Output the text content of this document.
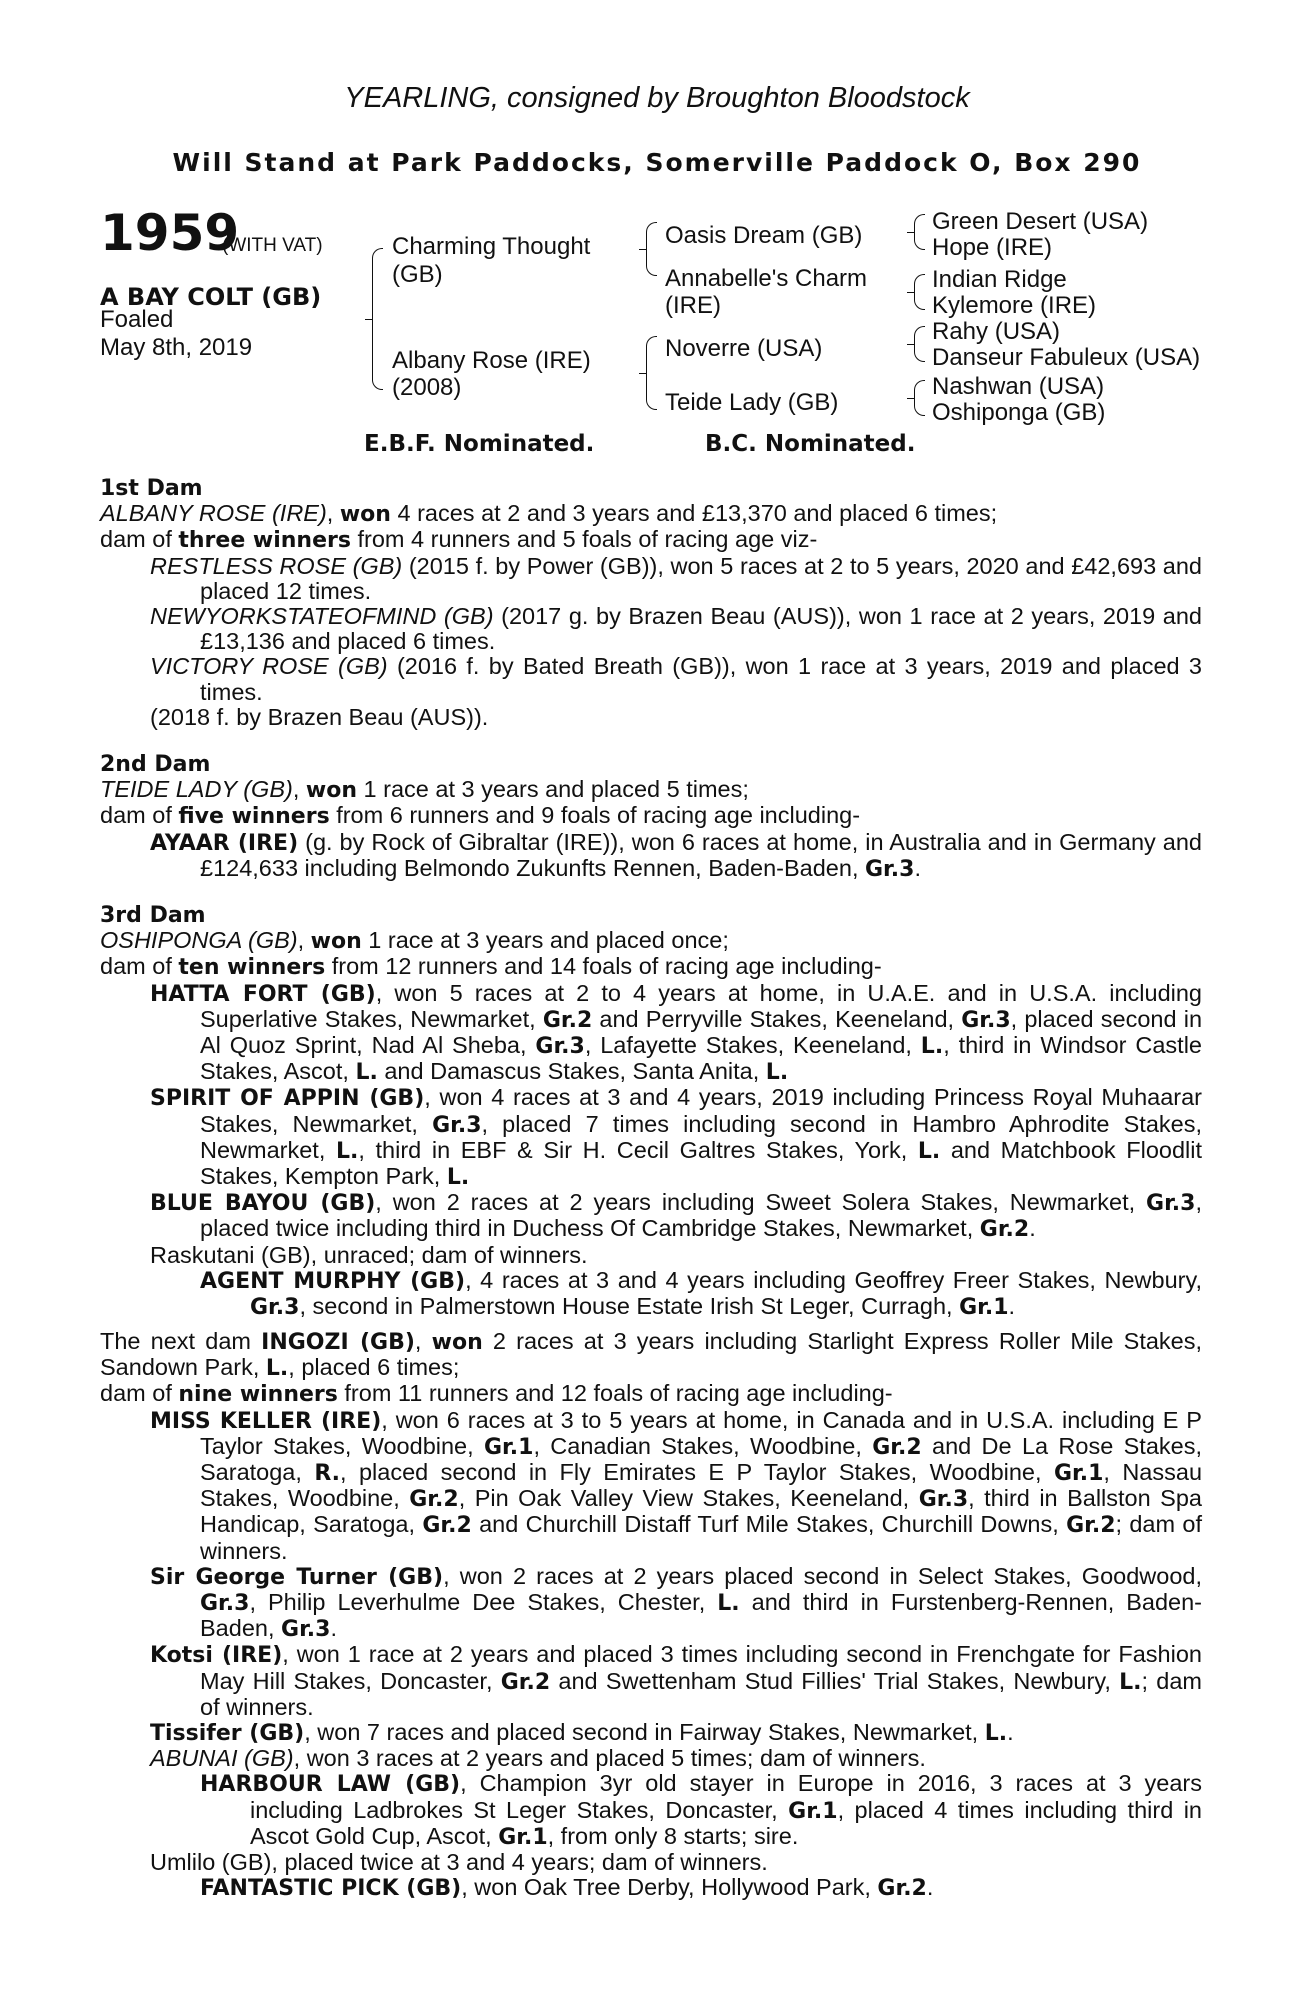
YEARLING, consigned by Broughton Bloodstock
Will Stand at Park Paddocks, Somerville Paddock O, Box 290
1959
(WITH VAT)
A BAY COLT (GB)
Foaled
May 8th, 2019
Charming Thought
(GB)
Albany Rose (IRE)
(2008)
Oasis Dream (GB)
Annabelle's Charm
(IRE)
Noverre (USA)
Teide Lady (GB)
Green Desert (USA)
Hope (IRE)
Indian Ridge
Kylemore (IRE)
Rahy (USA)
Danseur Fabuleux (USA)
Nashwan (USA)
Oshiponga (GB)
E.B.F. Nominated.	B.C. Nominated.

1st Dam

ALBANY ROSE (IRE), won 4 races at 2 and 3 years and £13,370 and placed 6 times;

dam of three winners from 4 runners and 5 foals of racing age viz-

RESTLESS ROSE (GB) (2015 f. by Power (GB)), won 5 races at 2 to 5 years, 2020 and £42,693 and placed 12 times.

NEWYORKSTATEOFMIND (GB) (2017 g. by Brazen Beau (AUS)), won 1 race at 2 years, 2019 and £13,136 and placed 6 times.

VICTORY ROSE (GB) (2016 f. by Bated Breath (GB)), won 1 race at 3 years, 2019 and placed 3 times.

(2018 f. by Brazen Beau (AUS)).

2nd Dam

TEIDE LADY (GB), won 1 race at 3 years and placed 5 times;

dam of five winners from 6 runners and 9 foals of racing age including-

AYAAR (IRE) (g. by Rock of Gibraltar (IRE)), won 6 races at home, in Australia and in Germany and £124,633 including Belmondo Zukunfts Rennen, Baden-Baden, Gr.3.

3rd Dam

OSHIPONGA (GB), won 1 race at 3 years and placed once;

dam of ten winners from 12 runners and 14 foals of racing age including-

HATTA FORT (GB), won 5 races at 2 to 4 years at home, in U.A.E. and in U.S.A. including Superlative Stakes, Newmarket, Gr.2 and Perryville Stakes, Keeneland, Gr.3, placed second in Al Quoz Sprint, Nad Al Sheba, Gr.3, Lafayette Stakes, Keeneland, L., third in Windsor Castle Stakes, Ascot, L. and Damascus Stakes, Santa Anita, L.

SPIRIT OF APPIN (GB), won 4 races at 3 and 4 years, 2019 including Princess Royal Muhaarar Stakes, Newmarket, Gr.3, placed 7 times including second in Hambro Aphrodite Stakes, Newmarket, L., third in EBF & Sir H. Cecil Galtres Stakes, York, L. and Matchbook Floodlit Stakes, Kempton Park, L.

BLUE BAYOU (GB), won 2 races at 2 years including Sweet Solera Stakes, Newmarket, Gr.3, placed twice including third in Duchess Of Cambridge Stakes, Newmarket, Gr.2.

Raskutani (GB), unraced; dam of winners.

AGENT MURPHY (GB), 4 races at 3 and 4 years including Geoffrey Freer Stakes, Newbury, Gr.3, second in Palmerstown House Estate Irish St Leger, Curragh, Gr.1.

The next dam INGOZI (GB), won 2 races at 3 years including Starlight Express Roller Mile Stakes, Sandown Park, L., placed 6 times;

dam of nine winners from 11 runners and 12 foals of racing age including-

MISS KELLER (IRE), won 6 races at 3 to 5 years at home, in Canada and in U.S.A. including E P Taylor Stakes, Woodbine, Gr.1, Canadian Stakes, Woodbine, Gr.2 and De La Rose Stakes, Saratoga, R., placed second in Fly Emirates E P Taylor Stakes, Woodbine, Gr.1, Nassau Stakes, Woodbine, Gr.2, Pin Oak Valley View Stakes, Keeneland, Gr.3, third in Ballston Spa Handicap, Saratoga, Gr.2 and Churchill Distaff Turf Mile Stakes, Churchill Downs, Gr.2; dam of winners.

Sir George Turner (GB), won 2 races at 2 years placed second in Select Stakes, Goodwood, Gr.3, Philip Leverhulme Dee Stakes, Chester, L. and third in Furstenberg-Rennen, Baden-Baden, Gr.3.

Kotsi (IRE), won 1 race at 2 years and placed 3 times including second in Frenchgate for Fashion May Hill Stakes, Doncaster, Gr.2 and Swettenham Stud Fillies' Trial Stakes, Newbury, L.; dam of winners.

Tissifer (GB), won 7 races and placed second in Fairway Stakes, Newmarket, L..

ABUNAI (GB), won 3 races at 2 years and placed 5 times; dam of winners.

HARBOUR LAW (GB), Champion 3yr old stayer in Europe in 2016, 3 races at 3 years including Ladbrokes St Leger Stakes, Doncaster, Gr.1, placed 4 times including third in Ascot Gold Cup, Ascot, Gr.1, from only 8 starts; sire.

Umlilo (GB), placed twice at 3 and 4 years; dam of winners.

FANTASTIC PICK (GB), won Oak Tree Derby, Hollywood Park, Gr.2.
